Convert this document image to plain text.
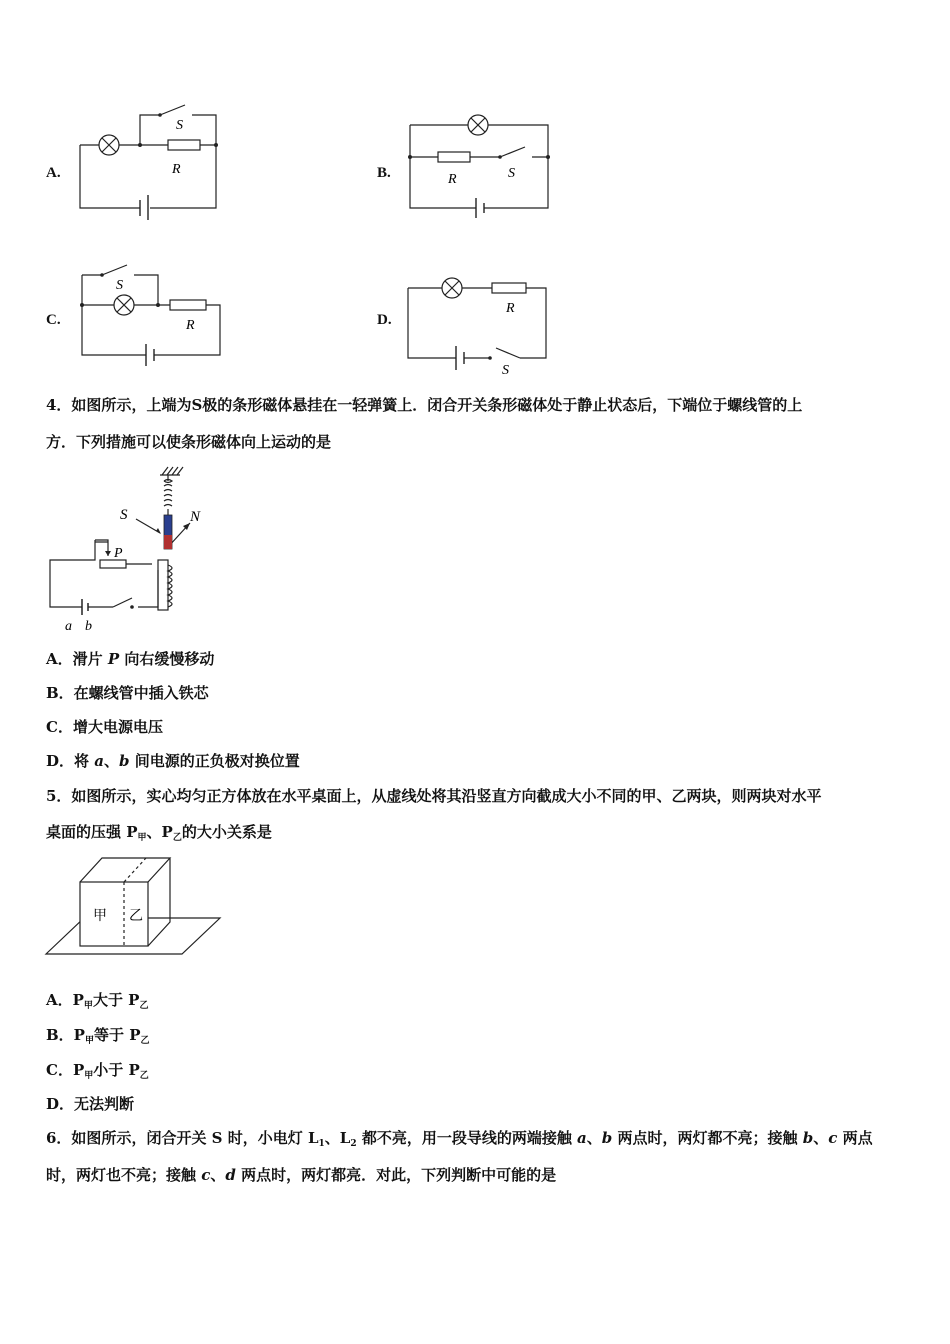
A.
S
R	B.	R	S
C.
S
R	D.
R
S
4．如图所示，上端为S极的条形磁体悬挂在一轻弹簧上．闭合开关条形磁体处于静止状态后，下端位于螺线管的上
方．下列措施可以使条形磁体向上运动的是
S	N
P
a b
A．滑片 P 向右缓慢移动
B．在螺线管中插入铁芯
C．增大电源电压
D．将 a、b 间电源的正负极对换位置
5．如图所示，实心均匀正方体放在水平桌面上，从虚线处将其沿竖直方向截成大小不同的甲、乙两块，则两块对水平
桌面的压强 $P_甲$、$P_乙$的大小关系是
甲 乙
A．$P_甲$大于 $P_乙$
B．$P_甲$等于 $P_乙$
C．$P_甲$小于 $P_乙$
D．无法判断
6．如图所示，闭合开关 S 时，小电灯 $L_1$、$L_2$ 都不亮，用一段导线的两端接触 a、b 两点时，两灯都不亮；接触 b、c 两点
时，两灯也不亮；接触 c、d 两点时，两灯都亮．对此，下列判断中可能的是
